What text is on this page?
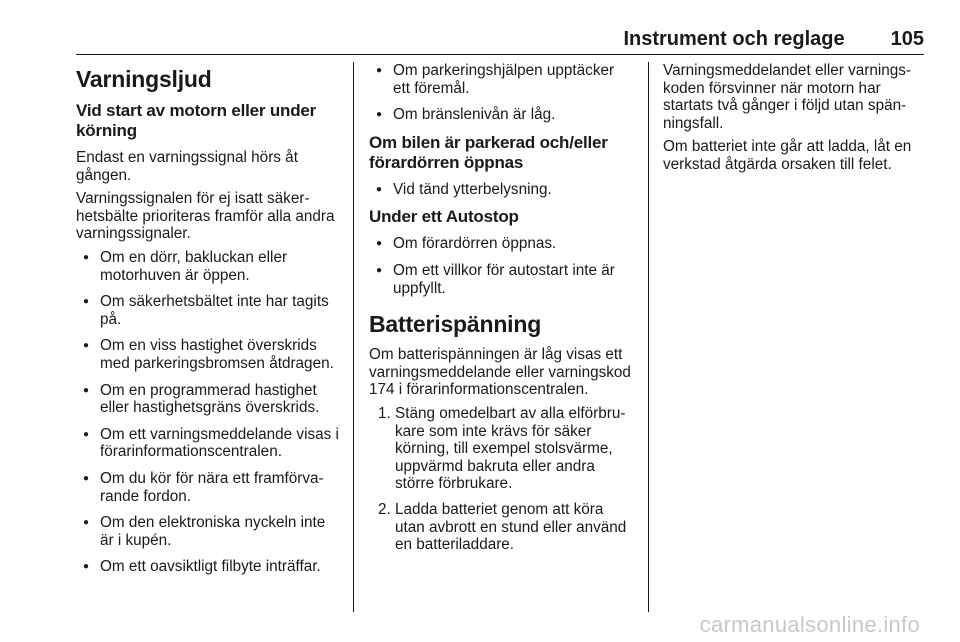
Instrument och reglage 105
Varningsljud
Vid start av motorn eller under körning

Endast en varningssignal hörs åt gången.

Varningssignalen för ej isatt säkerhetsbälte prioriteras framför alla andra varningssignaler.

● Om en dörr, bakluckan eller motorhuven är öppen.
● Om säkerhetsbältet inte har tagits på.
● Om en viss hastighet överskrids med parkeringsbromsen åtdragen.
● Om en programmerad hastighet eller hastighetsgräns överskrids.
● Om ett varningsmeddelande visas i förarinformationscentralen.
● Om du kör för nära ett framförvarande fordon.
● Om den elektroniska nyckeln inte är i kupén.
● Om ett oavsiktligt filbyte inträffar.
● Om parkeringshjälpen upptäcker ett föremål.
● Om bränslenivån är låg.
Om bilen är parkerad och/eller förardörren öppnas
● Vid tänd ytterbelysning.
Under ett Autostop
● Om förardörren öppnas.
● Om ett villkor för autostart inte är uppfyllt.
Batterispänning

Om batterispänningen är låg visas ett varningsmeddelande eller varningskod 174 i förarinformationscentralen.

1. Stäng omedelbart av alla elförbrukare som inte krävs för säker körning, till exempel stolsvärme, uppvärmd bakruta eller andra större förbrukare.
2. Ladda batteriet genom att köra utan avbrott en stund eller använd en batteriladdare.

Varningsmeddelandet eller varningskoden försvinner när motorn har startats två gånger i följd utan spänningsfall.

Om batteriet inte går att ladda, låt en verkstad åtgärda orsaken till felet.

carmanualsonline.info
